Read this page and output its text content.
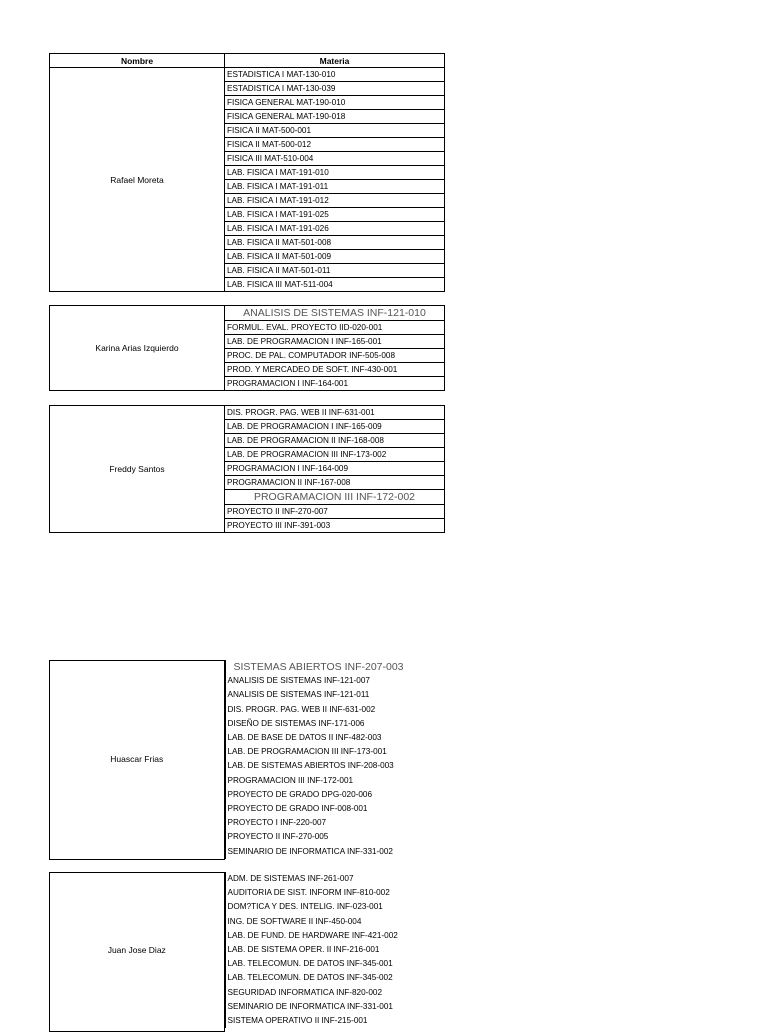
Nombre	Materia
Rafael Moreta	ESTADISTICA I MAT-130-010
	ESTADISTICA I MAT-130-039
	FISICA GENERAL MAT-190-010
	FISICA GENERAL MAT-190-018
	FISICA II MAT-500-001
	FISICA II MAT-500-012
	FISICA III MAT-510-004
	LAB. FISICA I MAT-191-010
	LAB. FISICA I MAT-191-011
	LAB. FISICA I MAT-191-012
	LAB. FISICA I MAT-191-025
	LAB. FISICA I MAT-191-026
	LAB. FISICA II MAT-501-008
	LAB. FISICA II MAT-501-009
	LAB. FISICA II MAT-501-011
	LAB. FISICA III MAT-511-004
Karina Arias Izquierdo	ANALISIS DE SISTEMAS INF-121-010
FORMUL. EVAL. PROYECTO IID-020-001
LAB. DE PROGRAMACION I INF-165-001
PROC. DE PAL. COMPUTADOR INF-505-008
PROD. Y MERCADEO DE SOFT. INF-430-001
PROGRAMACION I INF-164-001
Freddy Santos	DIS. PROGR. PAG. WEB II INF-631-001
LAB. DE PROGRAMACION I INF-165-009
LAB. DE PROGRAMACION II INF-168-008
LAB. DE PROGRAMACION III INF-173-002
PROGRAMACION I INF-164-009
PROGRAMACION II INF-167-008
PROGRAMACION III INF-172-002
PROYECTO II INF-270-007
PROYECTO III INF-391-003
Huascar Frias	SISTEMAS ABIERTOS INF-207-003
ANALISIS DE SISTEMAS INF-121-007
ANALISIS DE SISTEMAS INF-121-011
DIS. PROGR. PAG. WEB II INF-631-002
DISEÑO DE SISTEMAS INF-171-006
LAB. DE BASE DE DATOS II INF-482-003
LAB. DE PROGRAMACION III INF-173-001
LAB. DE SISTEMAS ABIERTOS INF-208-003
PROGRAMACION III INF-172-001
PROYECTO DE GRADO DPG-020-006
PROYECTO DE GRADO INF-008-001
PROYECTO I INF-220-007
PROYECTO II INF-270-005
SEMINARIO DE INFORMATICA INF-331-002
Juan Jose Diaz	ADM. DE SISTEMAS INF-261-007
AUDITORIA DE SIST. INFORM INF-810-002
DOM?TICA Y DES. INTELIG. INF-023-001
ING. DE SOFTWARE II INF-450-004
LAB. DE FUND. DE HARDWARE INF-421-002
LAB. DE SISTEMA OPER. II INF-216-001
LAB. TELECOMUN. DE DATOS INF-345-001
LAB. TELECOMUN. DE DATOS INF-345-002
SEGURIDAD INFORMATICA INF-820-002
SEMINARIO DE INFORMATICA INF-331-001
SISTEMA OPERATIVO II INF-215-001
